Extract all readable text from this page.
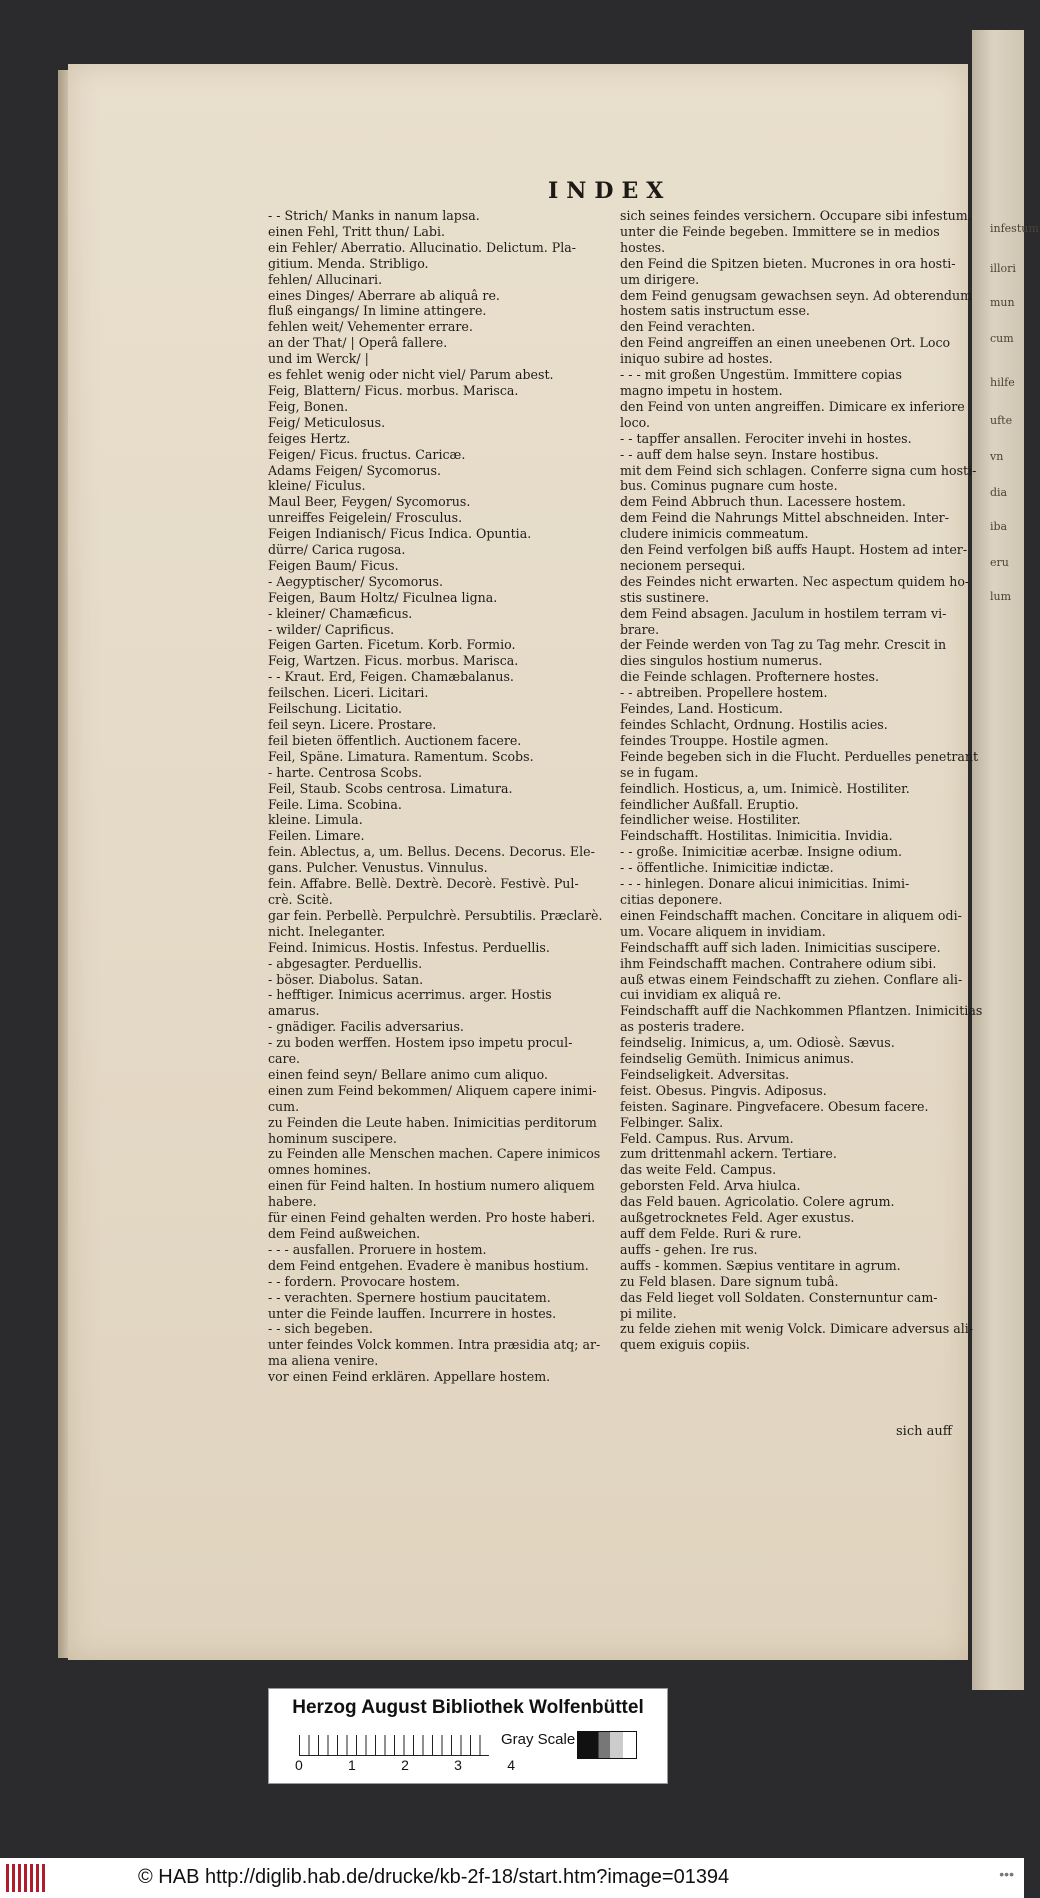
INDEX
- - Strich/ Manks in nanum lapsa.
einen Fehl, Tritt thun/ Labi.
ein Fehler/ Aberratio. Allucinatio. Delictum. Pla-
gitium. Menda. Stribligo.
fehlen/ Allucinari.
eines Dinges/ Aberrare ab aliquâ re.
fluß eingangs/ In limine attingere.
fehlen weit/ Vehementer errare.
an der That/ | Operâ fallere.
und im Werck/ |
es fehlet wenig oder nicht viel/ Parum abest.
Feig, Blattern/ Ficus. morbus. Marisca.
Feig, Bonen.
Feig/ Meticulosus.
feiges Hertz.
Feigen/ Ficus. fructus. Caricæ.
Adams Feigen/ Sycomorus.
kleine/ Ficulus.
Maul Beer, Feygen/ Sycomorus.
unreiffes Feigelein/ Frosculus.
Feigen Indianisch/ Ficus Indica. Opuntia.
dürre/ Carica rugosa.
Feigen Baum/ Ficus.
- Aegyptischer/ Sycomorus.
Feigen, Baum Holtz/ Ficulnea ligna.
- kleiner/ Chamæficus.
- wilder/ Caprificus.
Feigen Garten. Ficetum. Korb. Formio.
Feig, Wartzen. Ficus. morbus. Marisca.
- - Kraut. Erd, Feigen. Chamæbalanus.
feilschen. Liceri. Licitari.
Feilschung. Licitatio.
feil seyn. Licere. Prostare.
feil bieten öffentlich. Auctionem facere.
Feil, Späne. Limatura. Ramentum. Scobs.
- harte. Centrosa Scobs.
Feil, Staub. Scobs centrosa. Limatura.
Feile. Lima. Scobina.
kleine. Limula.
Feilen. Limare.
fein. Ablectus, a, um. Bellus. Decens. Decorus. Ele-
gans. Pulcher. Venustus. Vinnulus.
fein. Affabre. Bellè. Dextrè. Decorè. Festivè. Pul-
crè. Scitè.
gar fein. Perbellè. Perpulchrè. Persubtilis. Præclarè.
nicht. Ineleganter.
Feind. Inimicus. Hostis. Infestus. Perduellis.
- abgesagter. Perduellis.
- böser. Diabolus. Satan.
- hefftiger. Inimicus acerrimus. arger. Hostis
amarus.
- gnädiger. Facilis adversarius.
- zu boden werffen. Hostem ipso impetu procul-
care.
einen feind seyn/ Bellare animo cum aliquo.
einen zum Feind bekommen/ Aliquem capere inimi-
cum.
zu Feinden die Leute haben. Inimicitias perditorum
hominum suscipere.
zu Feinden alle Menschen machen. Capere inimicos
omnes homines.
einen für Feind halten. In hostium numero aliquem
habere.
für einen Feind gehalten werden. Pro hoste haberi.
dem Feind außweichen.
- - - ausfallen. Proruere in hostem.
dem Feind entgehen. Evadere è manibus hostium.
- - fordern. Provocare hostem.
- - verachten. Spernere hostium paucitatem.
unter die Feinde lauffen. Incurrere in hostes.
- - sich begeben.
unter feindes Volck kommen. Intra præsidia atq; ar-
ma aliena venire.
vor einen Feind erklären. Appellare hostem.
sich seines feindes versichern. Occupare sibi infestum.
unter die Feinde begeben. Immittere se in medios
hostes.
den Feind die Spitzen bieten. Mucrones in ora hosti-
um dirigere.
dem Feind genugsam gewachsen seyn. Ad obterendum
hostem satis instructum esse.
den Feind verachten.
den Feind angreiffen an einen uneebenen Ort. Loco
iniquo subire ad hostes.
- - - mit großen Ungestüm. Immittere copias
magno impetu in hostem.
den Feind von unten angreiffen. Dimicare ex inferiore
loco.
- - tapffer ansallen. Ferociter invehi in hostes.
- - auff dem halse seyn. Instare hostibus.
mit dem Feind sich schlagen. Conferre signa cum hosti-
bus. Cominus pugnare cum hoste.
dem Feind Abbruch thun. Lacessere hostem.
dem Feind die Nahrungs Mittel abschneiden. Inter-
cludere inimicis commeatum.
den Feind verfolgen biß auffs Haupt. Hostem ad inter-
necionem persequi.
des Feindes nicht erwarten. Nec aspectum quidem ho-
stis sustinere.
dem Feind absagen. Jaculum in hostilem terram vi-
brare.
der Feinde werden von Tag zu Tag mehr. Crescit in
dies singulos hostium numerus.
die Feinde schlagen. Profternere hostes.
- - abtreiben. Propellere hostem.
Feindes, Land. Hosticum.
feindes Schlacht, Ordnung. Hostilis acies.
feindes Trouppe. Hostile agmen.
Feinde begeben sich in die Flucht. Perduelles penetrant
se in fugam.
feindlich. Hosticus, a, um. Inimicè. Hostiliter.
feindlicher Außfall. Eruptio.
feindlicher weise. Hostiliter.
Feindschafft. Hostilitas. Inimicitia. Invidia.
- - große. Inimicitiæ acerbæ. Insigne odium.
- - öffentliche. Inimicitiæ indictæ.
- - - hinlegen. Donare alicui inimicitias. Inimi-
citias deponere.
einen Feindschafft machen. Concitare in aliquem odi-
um. Vocare aliquem in invidiam.
Feindschafft auff sich laden. Inimicitias suscipere.
ihm Feindschafft machen. Contrahere odium sibi.
auß etwas einem Feindschafft zu ziehen. Conflare ali-
cui invidiam ex aliquâ re.
Feindschafft auff die Nachkommen Pflantzen. Inimicitias
as posteris tradere.
feindselig. Inimicus, a, um. Odiosè. Sævus.
feindselig Gemüth. Inimicus animus.
Feindseligkeit. Adversitas.
feist. Obesus. Pingvis. Adiposus.
feisten. Saginare. Pingvefacere. Obesum facere.
Felbinger. Salix.
Feld. Campus. Rus. Arvum.
zum drittenmahl ackern. Tertiare.
das weite Feld. Campus.
geborsten Feld. Arva hiulca.
das Feld bauen. Agricolatio. Colere agrum.
außgetrocknetes Feld. Ager exustus.
auff dem Felde. Ruri & rure.
auffs - gehen. Ire rus.
auffs - kommen. Sæpius ventitare in agrum.
zu Feld blasen. Dare signum tubâ.
das Feld lieget voll Soldaten. Consternuntur cam-
pi milite.
zu felde ziehen mit wenig Volck. Dimicare adversus ali-
quem exiguis copiis.
sich auff
infestum
illori
mun
cum
hilfe
ufte
vn
dia
iba
eru
lum
Herzog August Bibliothek Wolfenbüttel
0	1	2	3	4
Gray Scale
© HAB http://diglib.hab.de/drucke/kb-2f-18/start.htm?image=01394	•••
